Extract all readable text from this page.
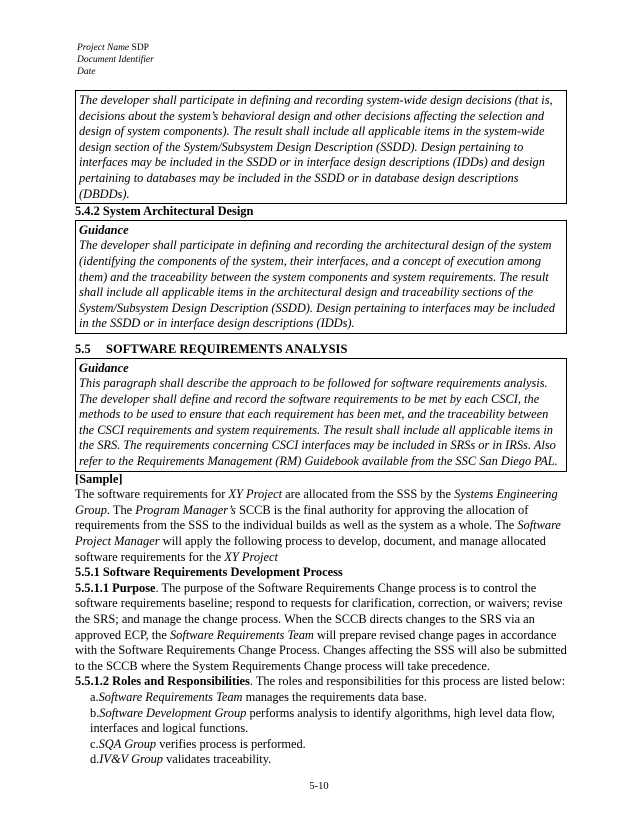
Project Name SDP
Document Identifier
Date

The developer shall participate in defining and recording system-wide design decisions (that is, decisions about the system’s behavioral design and other decisions affecting the selection and design of system components). The result shall include all applicable items in the system-wide design section of the System/Subsystem Design Description (SSDD). Design pertaining to interfaces may be included in the SSDD or in interface design descriptions (IDDs) and design pertaining to databases may be included in the SSDD or in database design descriptions (DBDDs).

5.4.2 System Architectural Design
Guidance

The developer shall participate in defining and recording the architectural design of the system (identifying the components of the system, their interfaces, and a concept of execution among them) and the traceability between the system components and system requirements. The result shall include all applicable items in the architectural design and traceability sections of the System/Subsystem Design Description (SSDD). Design pertaining to interfaces may be included in the SSDD or in interface design descriptions (IDDs).

5.5 SOFTWARE REQUIREMENTS ANALYSIS
Guidance

This paragraph shall describe the approach to be followed for software requirements analysis. The developer shall define and record the software requirements to be met by each CSCI, the methods to be used to ensure that each requirement has been met, and the traceability between the CSCI requirements and system requirements. The result shall include all applicable items in the SRS. The requirements concerning CSCI interfaces may be included in SRSs or in IRSs. Also refer to the Requirements Management (RM) Guidebook available from the SSC San Diego PAL.

[Sample]

The software requirements for XY Project are allocated from the SSS by the Systems Engineering Group. The Program Manager’s SCCB is the final authority for approving the allocation of requirements from the SSS to the individual builds as well as the system as a whole. The Software Project Manager will apply the following process to develop, document, and manage allocated software requirements for the XY Project

5.5.1 Software Requirements Development Process

5.5.1.1 Purpose. The purpose of the Software Requirements Change process is to control the software requirements baseline; respond to requests for clarification, correction, or waivers; revise the SRS; and manage the change process. When the SCCB directs changes to the SRS via an approved ECP, the Software Requirements Team will prepare revised change pages in accordance with the Software Requirements Change Process. Changes affecting the SSS will also be submitted to the SCCB where the System Requirements Change process will take precedence.

5.5.1.2 Roles and Responsibilities. The roles and responsibilities for this process are listed below:

a.Software Requirements Team manages the requirements data base.
b.Software Development Group performs analysis to identify algorithms, high level data flow, interfaces and logical functions.
c.SQA Group verifies process is performed.
d.IV&V Group validates traceability.
5-10
